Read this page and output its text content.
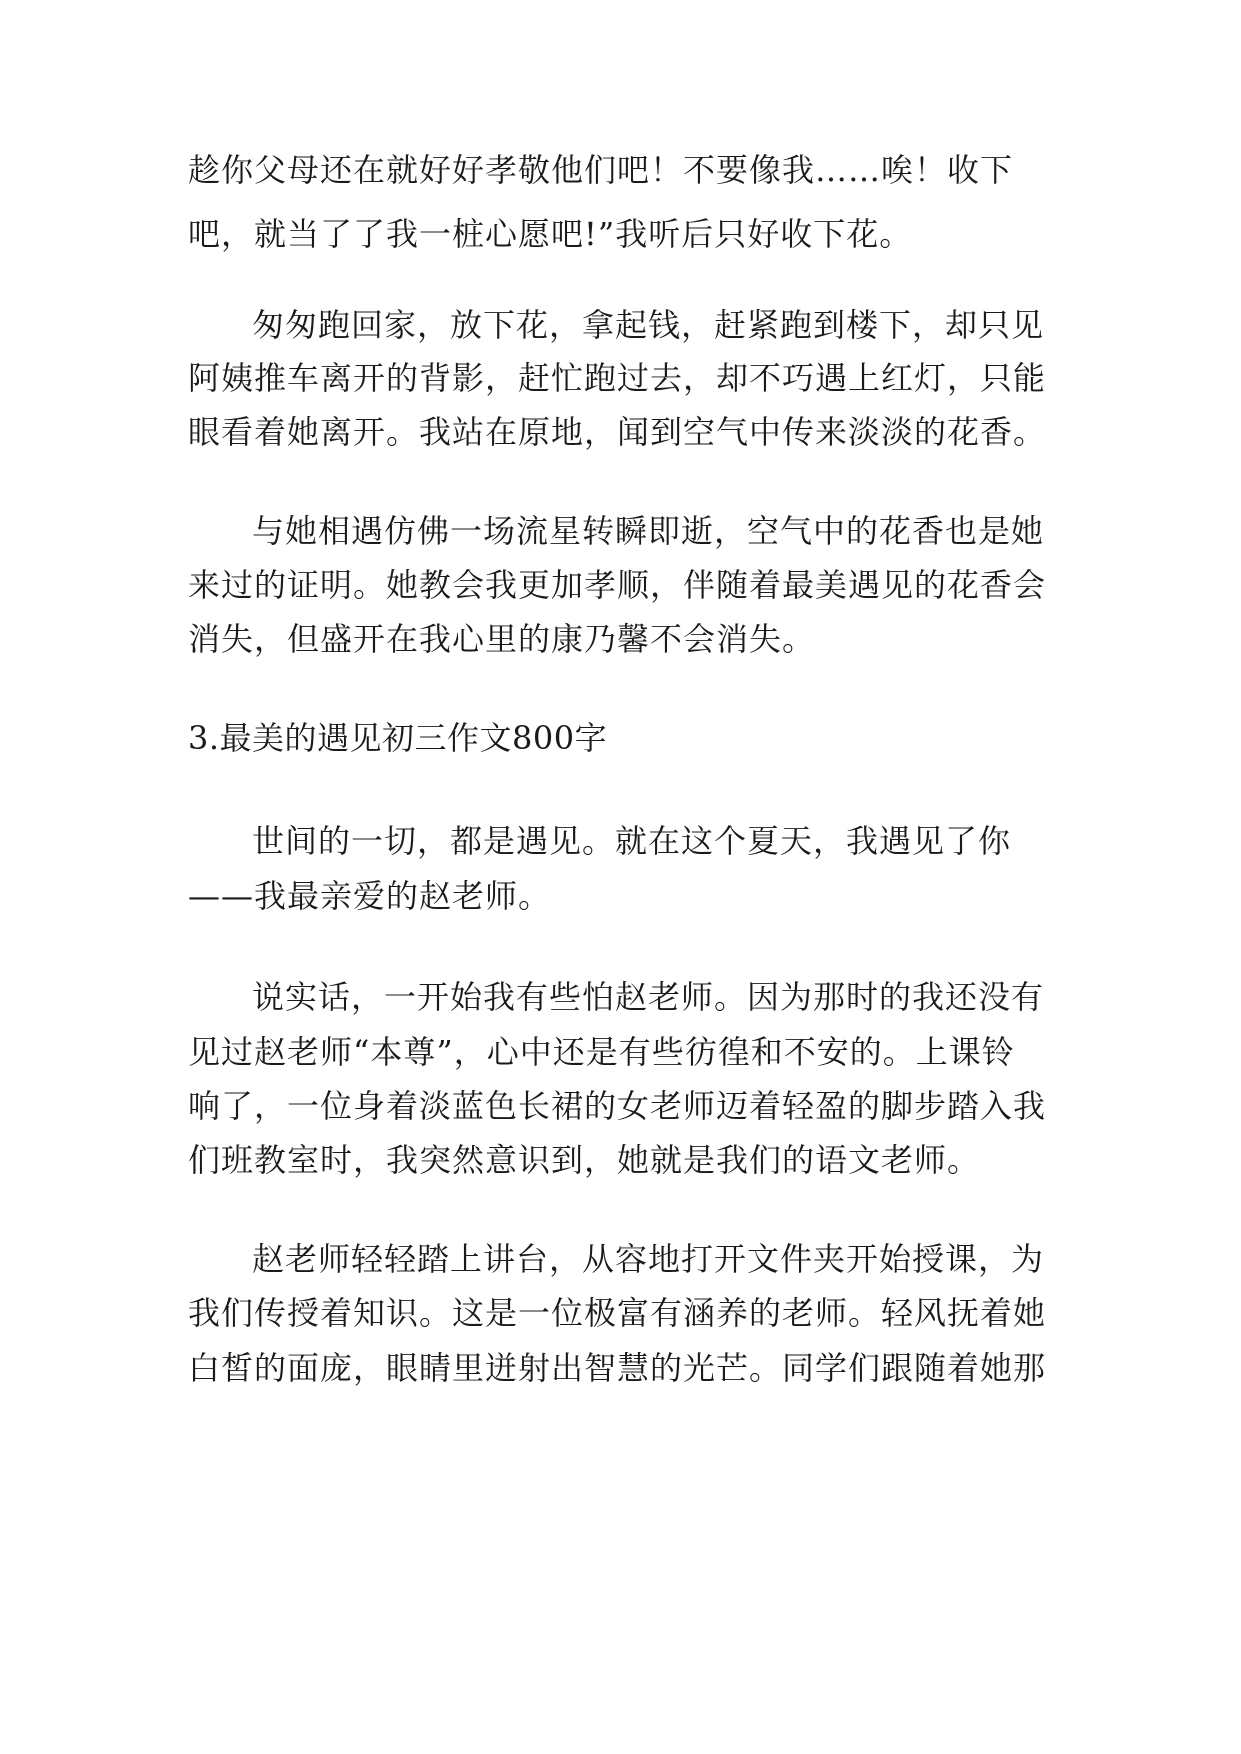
趁你父母还在就好好孝敬他们吧！不要像我……唉！收下
吧，就当了了我一桩心愿吧!”我听后只好收下花。
匆匆跑回家，放下花，拿起钱，赶紧跑到楼下，却只见
阿姨推车离开的背影，赶忙跑过去，却不巧遇上红灯，只能
眼看着她离开。我站在原地，闻到空气中传来淡淡的花香。
与她相遇仿佛一场流星转瞬即逝，空气中的花香也是她
来过的证明。她教会我更加孝顺，伴随着最美遇见的花香会
消失，但盛开在我心里的康乃馨不会消失。
3.最美的遇见初三作文800字
世间的一切，都是遇见。就在这个夏天，我遇见了你
——我最亲爱的赵老师。
说实话，一开始我有些怕赵老师。因为那时的我还没有
见过赵老师“本尊”，心中还是有些彷徨和不安的。上课铃
响了，一位身着淡蓝色长裙的女老师迈着轻盈的脚步踏入我
们班教室时，我突然意识到，她就是我们的语文老师。
赵老师轻轻踏上讲台，从容地打开文件夹开始授课，为
我们传授着知识。这是一位极富有涵养的老师。轻风抚着她
白皙的面庞，眼睛里迸射出智慧的光芒。同学们跟随着她那
